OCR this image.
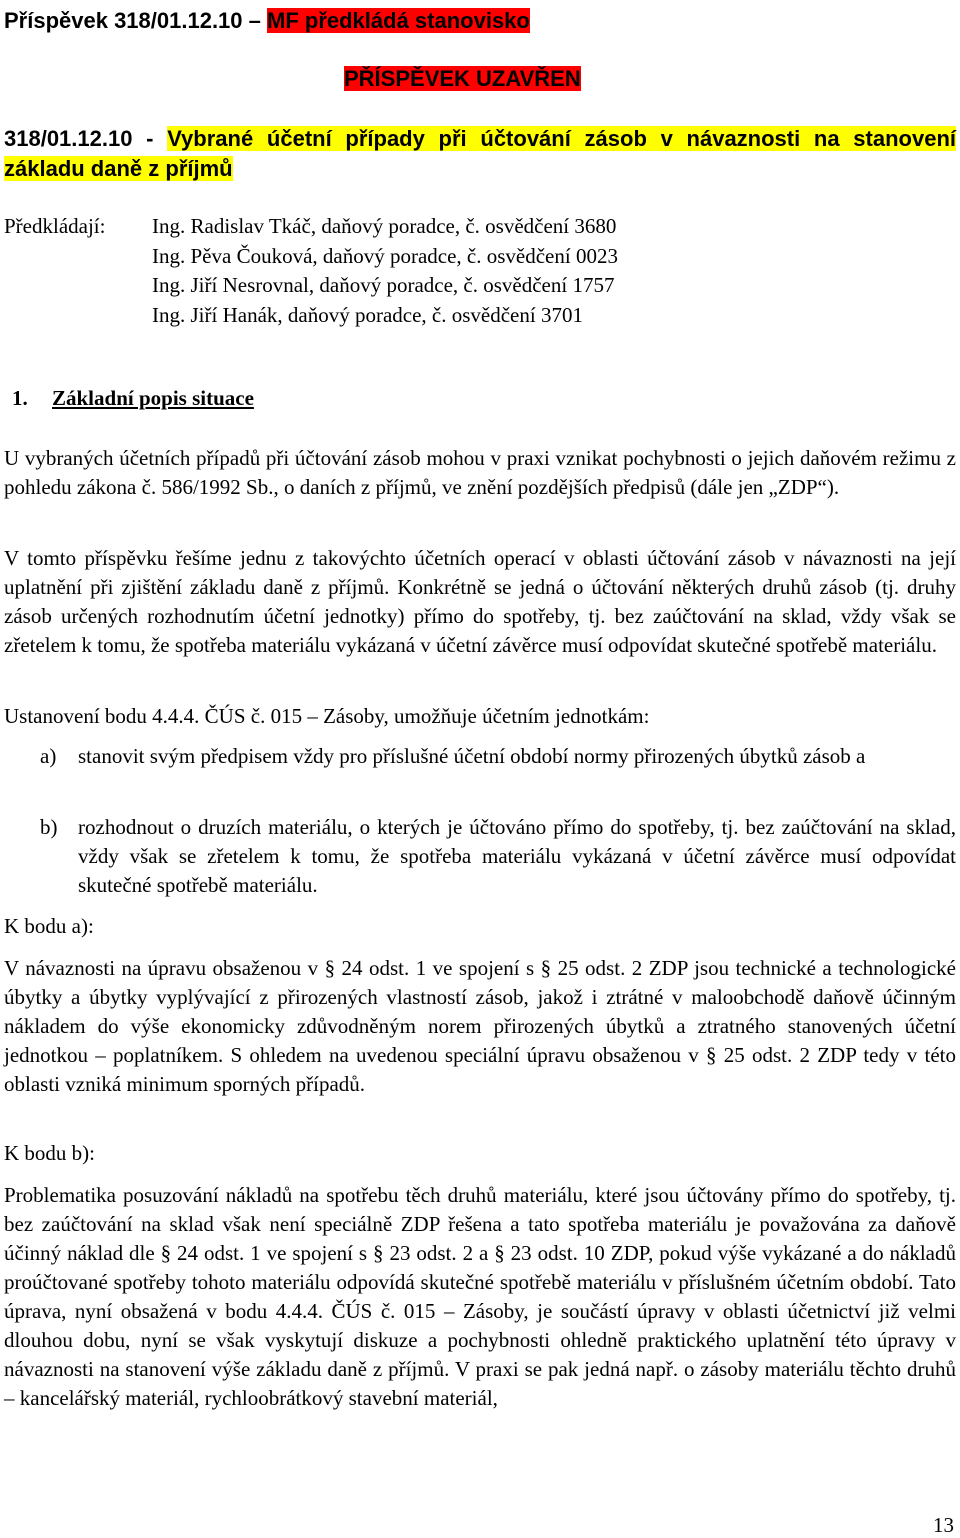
Příspěvek 318/01.12.10 – MF předkládá stanovisko
PŘÍSPĚVEK UZAVŘEN
318/01.12.10 - Vybrané účetní případy při účtování zásob v návaznosti na stanovení základu daně z příjmů
Předkládají: Ing. Radislav Tkáč, daňový poradce, č. osvědčení 3680
Ing. Pěva Čouková, daňový poradce, č. osvědčení 0023
Ing. Jiří Nesrovnal, daňový poradce, č. osvědčení 1757
Ing. Jiří Hanák, daňový poradce, č. osvědčení 3701
1. Základní popis situace
U vybraných účetních případů při účtování zásob mohou v praxi vznikat pochybnosti o jejich daňovém režimu z pohledu zákona č. 586/1992 Sb., o daních z příjmů, ve znění pozdějších předpisů (dále jen „ZDP“).
V tomto příspěvku řešíme jednu z takovýchto účetních operací v oblasti účtování zásob v návaznosti na její uplatnění při zjištění základu daně z příjmů. Konkrétně se jedná o účtování některých druhů zásob (tj. druhy zásob určených rozhodnutím účetní jednotky) přímo do spotřeby, tj. bez zaúčtování na sklad, vždy však se zřetelem k tomu, že spotřeba materiálu vykázaná v účetní závěrce musí odpovídat skutečné spotřebě materiálu.
Ustanovení bodu 4.4.4. ČÚS č. 015 – Zásoby, umožňuje účetním jednotkám:
a) stanovit svým předpisem vždy pro příslušné účetní období normy přirozených úbytků zásob a
b) rozhodnout o druzích materiálu, o kterých je účtováno přímo do spotřeby, tj. bez zaúčtování na sklad, vždy však se zřetelem k tomu, že spotřeba materiálu vykázaná v účetní závěrce musí odpovídat skutečné spotřebě materiálu.
K bodu a):
V návaznosti na úpravu obsaženou v § 24 odst. 1 ve spojení s § 25 odst. 2 ZDP jsou technické a technologické úbytky a úbytky vyplývající z přirozených vlastností zásob, jakož i ztrátné v maloobchodě daňově účinným nákladem do výše ekonomicky zdůvodněným norem přirozených úbytků a ztratného stanovených účetní jednotkou – poplatníkem. S ohledem na uvedenou speciální úpravu obsaženou v § 25 odst. 2 ZDP tedy v této oblasti vzniká minimum sporných případů.
K bodu b):
Problematika posuzování nákladů na spotřebu těch druhů materiálu, které jsou účtovány přímo do spotřeby, tj. bez zaúčtování na sklad však není speciálně ZDP řešena a tato spotřeba materiálu je považována za daňově účinný náklad dle § 24 odst. 1 ve spojení s § 23 odst. 2 a § 23 odst. 10 ZDP, pokud výše vykázané a do nákladů proúčtované spotřeby tohoto materiálu odpovídá skutečné spotřebě materiálu v příslušném účetním období. Tato úprava, nyní obsažená v bodu 4.4.4. ČÚS č. 015 – Zásoby, je součástí úpravy v oblasti účetnictví již velmi dlouhou dobu, nyní se však vyskytují diskuze a pochybnosti ohledně praktického uplatnění této úpravy v návaznosti na stanovení výše základu daně z příjmů. V praxi se pak jedná např. o zásoby materiálu těchto druhů – kancelářský materiál, rychloobrátkový stavební materiál,
13
